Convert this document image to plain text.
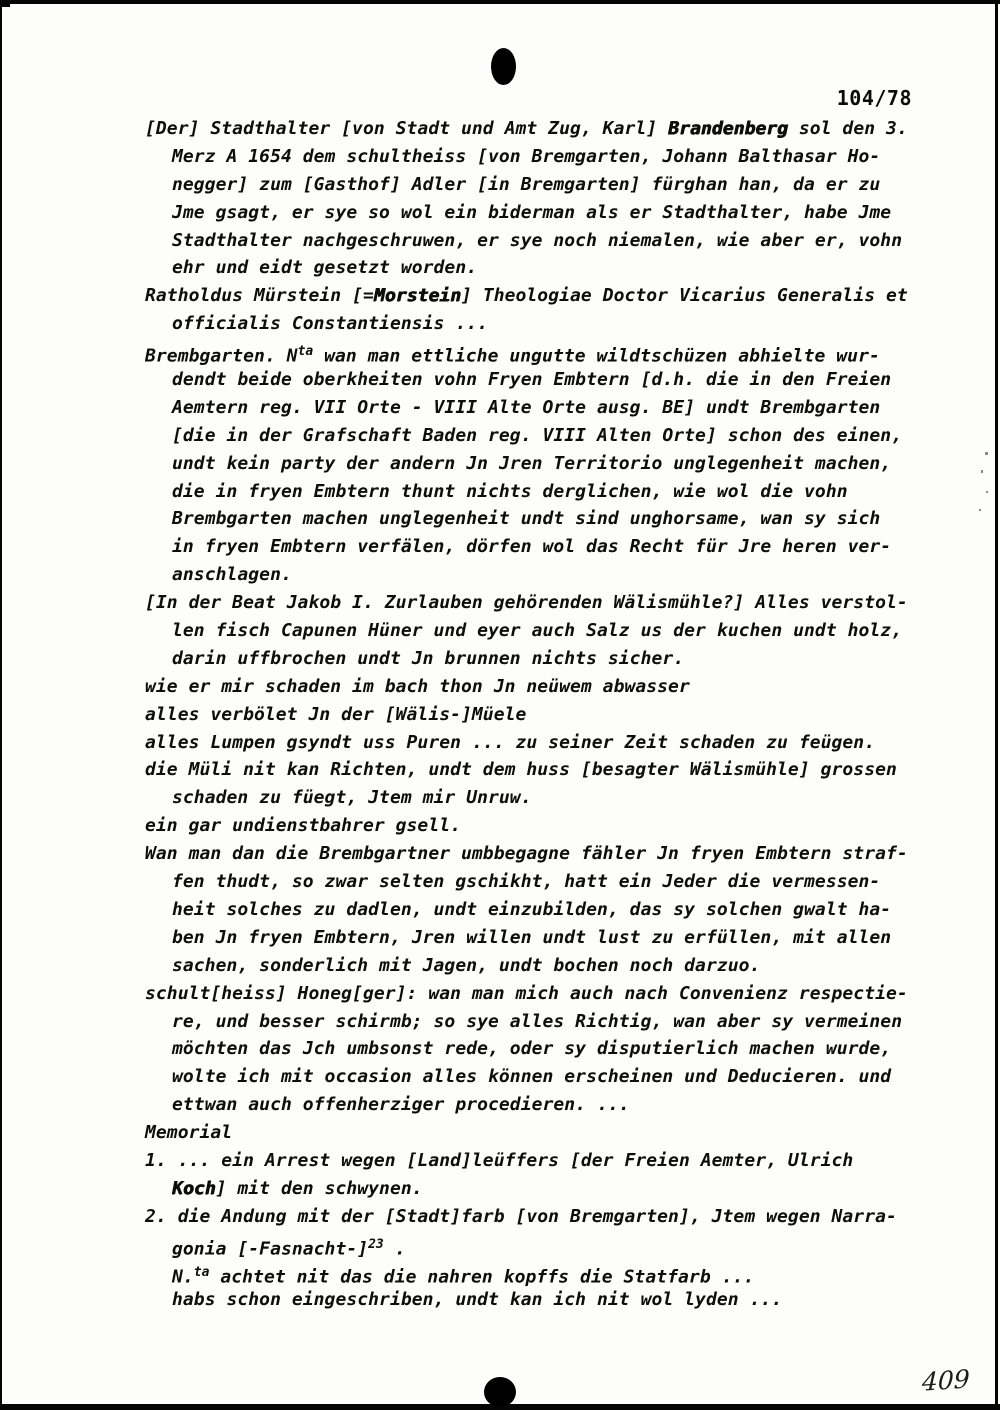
104/78
[Der] Stadthalter [von Stadt und Amt Zug, Karl] Brandenberg sol den 3.
Merz A 1654 dem schultheiss [von Bremgarten, Johann Balthasar Ho-
negger] zum [Gasthof] Adler [in Bremgarten] fürghan han, da er zu
Jme gsagt, er sye so wol ein biderman als er Stadthalter, habe Jme
Stadthalter nachgeschruwen, er sye noch niemalen, wie aber er, vohn
ehr und eidt gesetzt worden.
Ratholdus Mürstein [=Morstein] Theologiae Doctor Vicarius Generalis et
officialis Constantiensis ...
Brembgarten. $N^{ta}$ wan man ettliche ungutte wildtschüzen abhielte wur-
dendt beide oberkheiten vohn Fryen Embtern [d.h. die in den Freien
Aemtern reg. VII Orte - VIII Alte Orte ausg. BE] undt Brembgarten
[die in der Grafschaft Baden reg. VIII Alten Orte] schon des einen,
undt kein party der andern Jn Jren Territorio unglegenheit machen,
die in fryen Embtern thunt nichts derglichen, wie wol die vohn
Brembgarten machen unglegenheit undt sind unghorsame, wan sy sich
in fryen Embtern verfälen, dörfen wol das Recht für Jre heren ver-
anschlagen.
[In der Beat Jakob I. Zurlauben gehörenden Wälismühle?] Alles verstol-
len fisch Capunen Hüner und eyer auch Salz us der kuchen undt holz,
darin uffbrochen undt Jn brunnen nichts sicher.
wie er mir schaden im bach thon Jn neüwem abwasser
alles verbölet Jn der [Wälis-]Müele
alles Lumpen gsyndt uss Puren ... zu seiner Zeit schaden zu feügen.
die Müli nit kan Richten, undt dem huss [besagter Wälismühle] grossen
schaden zu füegt, Jtem mir Unruw.
ein gar undienstbahrer gsell.
Wan man dan die Brembgartner umbbegagne fähler Jn fryen Embtern straf-
fen thudt, so zwar selten gschikht, hatt ein Jeder die vermessen-
heit solches zu dadlen, undt einzubilden, das sy solchen gwalt ha-
ben Jn fryen Embtern, Jren willen undt lust zu erfüllen, mit allen
sachen, sonderlich mit Jagen, undt bochen noch darzuo.
schult[heiss] Honeg[ger]: wan man mich auch nach Convenienz respectie-
re, und besser schirmb; so sye alles Richtig, wan aber sy vermeinen
möchten das Jch umbsonst rede, oder sy disputierlich machen wurde,
wolte ich mit occasion alles können erscheinen und Deducieren. und
ettwan auch offenherziger procedieren. ...
Memorial
1. ... ein Arrest wegen [Land]leüffers [der Freien Aemter, Ulrich
Koch] mit den schwynen.
2. die Andung mit der [Stadt]farb [von Bremgarten], Jtem wegen Narra-
gonia [-Fasnacht-]$^{23}$ .
N.$^{ta}$ achtet nit das die nahren kopffs die Statfarb ...
habs schon eingeschriben, undt kan ich nit wol lyden ...
409
